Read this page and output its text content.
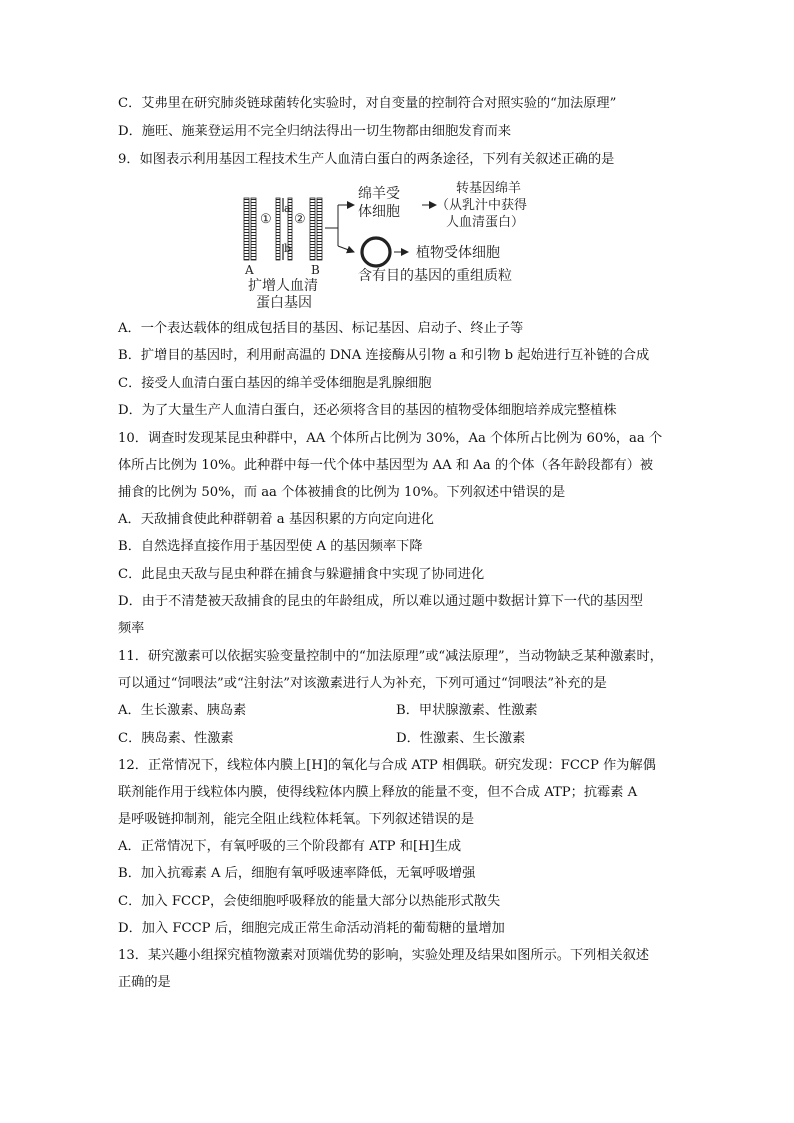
C．艾弗里在研究肺炎链球菌转化实验时，对自变量的控制符合对照实验的“加法原理”
D．施旺、施莱登运用不完全归纳法得出一切生物都由细胞发育而来
9．如图表示利用基因工程技术生产人血清白蛋白的两条途径，下列有关叙述正确的是
①
a
b
②
A	B
扩增人血清
蛋白基因
绵羊受
体细胞
转基因绵羊
（从乳汁中获得
人血清蛋白）
植物受体细胞
含有目的基因的重组质粒
A．一个表达载体的组成包括目的基因、标记基因、启动子、终止子等
B．扩增目的基因时，利用耐高温的 DNA 连接酶从引物 a 和引物 b 起始进行互补链的合成
C．接受人血清白蛋白基因的绵羊受体细胞是乳腺细胞
D．为了大量生产人血清白蛋白，还必须将含目的基因的植物受体细胞培养成完整植株
10．调查时发现某昆虫种群中，AA 个体所占比例为 30%，Aa 个体所占比例为 60%，aa 个
体所占比例为 10%。此种群中每一代个体中基因型为 AA 和 Aa 的个体（各年龄段都有）被
捕食的比例为 50%，而 aa 个体被捕食的比例为 10%。下列叙述中错误的是
A．天敌捕食使此种群朝着 a 基因积累的方向定向进化
B．自然选择直接作用于基因型使 A 的基因频率下降
C．此昆虫天敌与昆虫种群在捕食与躲避捕食中实现了协同进化
D．由于不清楚被天敌捕食的昆虫的年龄组成，所以难以通过题中数据计算下一代的基因型
频率
11．研究激素可以依据实验变量控制中的“加法原理”或“减法原理”，当动物缺乏某种激素时，
可以通过“饲喂法”或“注射法”对该激素进行人为补充，下列可通过“饲喂法”补充的是
A．生长激素、胰岛素	B．甲状腺激素、性激素
C．胰岛素、性激素	D．性激素、生长激素
12．正常情况下，线粒体内膜上[H]的氧化与合成 ATP 相偶联。研究发现：FCCP 作为解偶
联剂能作用于线粒体内膜，使得线粒体内膜上释放的能量不变，但不合成 ATP；抗霉素 A
是呼吸链抑制剂，能完全阻止线粒体耗氧。下列叙述错误的是
A．正常情况下，有氧呼吸的三个阶段都有 ATP 和[H]生成
B．加入抗霉素 A 后，细胞有氧呼吸速率降低，无氧呼吸增强
C．加入 FCCP，会使细胞呼吸释放的能量大部分以热能形式散失
D．加入 FCCP 后，细胞完成正常生命活动消耗的葡萄糖的量增加
13．某兴趣小组探究植物激素对顶端优势的影响，实验处理及结果如图所示。下列相关叙述
正确的是
